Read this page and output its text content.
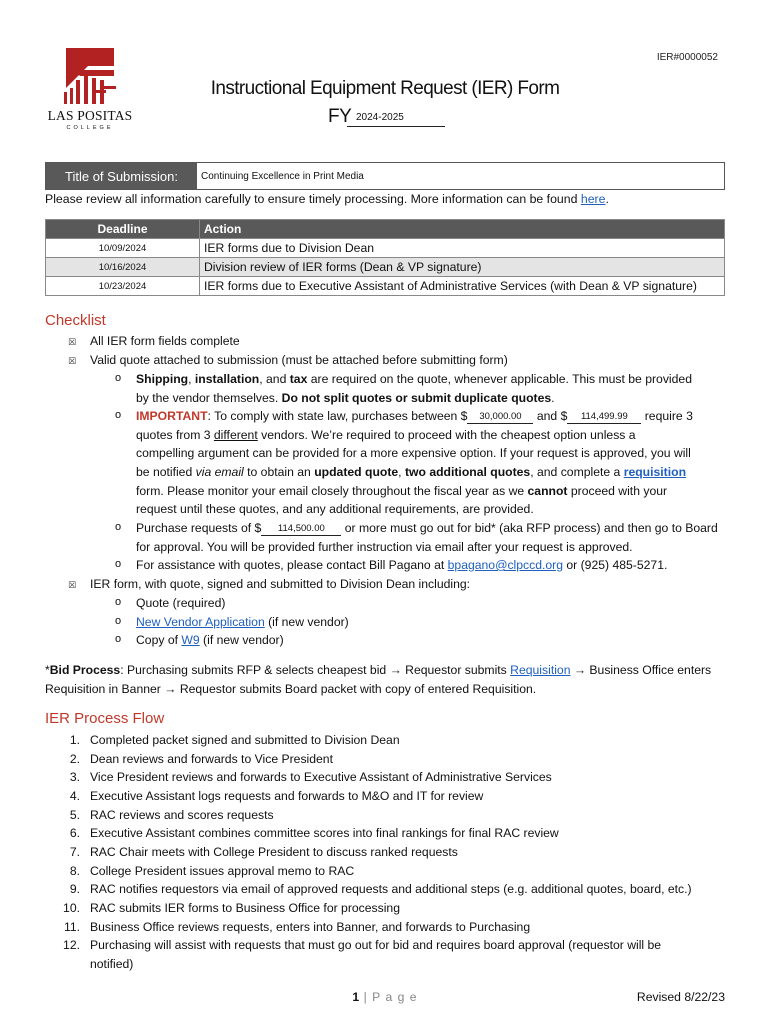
LAS POSITAS
COLLEGE
IER#0000052
Instructional Equipment Request (IER) Form
FY 2024-2025
Title of Submission:	Continuing Excellence in Print Media
Please review all information carefully to ensure timely processing. More information can be found here.
Deadline	Action
10/09/2024	IER forms due to Division Dean
10/16/2024	Division review of IER forms (Dean & VP signature)
10/23/2024	IER forms due to Executive Assistant of Administrative Services (with Dean & VP signature)
Checklist
☒ All IER form fields complete
☒ Valid quote attached to submission (must be attached before submitting form)
o Shipping, installation, and tax are required on the quote, whenever applicable. This must be provided
by the vendor themselves. Do not split quotes or submit duplicate quotes.
o IMPORTANT: To comply with state law, purchases between $ 30,000.00 and $ 114,499.99 require 3
quotes from 3 different vendors. We’re required to proceed with the cheapest option unless a
compelling argument can be provided for a more expensive option. If your request is approved, you will
be notified via email to obtain an updated quote, two additional quotes, and complete a requisition
form. Please monitor your email closely throughout the fiscal year as we cannot proceed with your
request until these quotes, and any additional requirements, are provided.
o Purchase requests of $ 114,500.00 or more must go out for bid* (aka RFP process) and then go to Board
for approval. You will be provided further instruction via email after your request is approved.
o For assistance with quotes, please contact Bill Pagano at bpagano@clpccd.org or (925) 485-5271.
☒ IER form, with quote, signed and submitted to Division Dean including:
o Quote (required)
o New Vendor Application (if new vendor)
o Copy of W9 (if new vendor)
*Bid Process: Purchasing submits RFP & selects cheapest bid → Requestor submits Requisition → Business Office enters
Requisition in Banner → Requestor submits Board packet with copy of entered Requisition.
IER Process Flow
1. Completed packet signed and submitted to Division Dean
2. Dean reviews and forwards to Vice President
3. Vice President reviews and forwards to Executive Assistant of Administrative Services
4. Executive Assistant logs requests and forwards to M&O and IT for review
5. RAC reviews and scores requests
6. Executive Assistant combines committee scores into final rankings for final RAC review
7. RAC Chair meets with College President to discuss ranked requests
8. College President issues approval memo to RAC
9. RAC notifies requestors via email of approved requests and additional steps (e.g. additional quotes, board, etc.)
10. RAC submits IER forms to Business Office for processing
11. Business Office reviews requests, enters into Banner, and forwards to Purchasing
12. Purchasing will assist with requests that must go out for bid and requires board approval (requestor will be
notified)
1 | P a g e	Revised 8/22/23
